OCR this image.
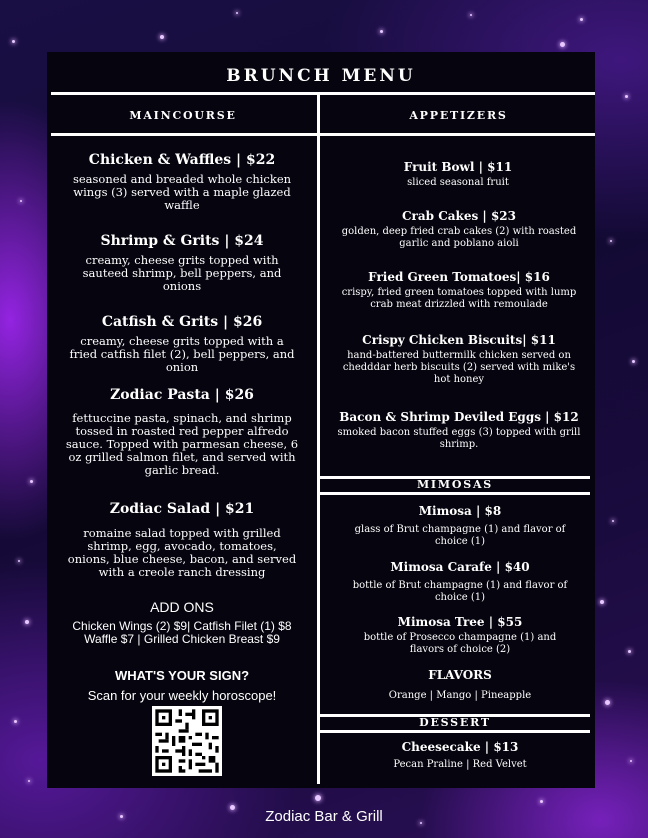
BRUNCH MENU
MAINCOURSE	APPETIZERS
Chicken & Waffles | $22
seasoned and breaded whole chicken wings (3) served with a maple glazed waffle
Shrimp & Grits | $24
creamy, cheese grits topped with sauteed shrimp, bell peppers, and onions
Catfish & Grits | $26
creamy, cheese grits topped with a fried catfish filet (2), bell peppers, and onion
Zodiac Pasta | $26
fettuccine pasta, spinach, and shrimp tossed in roasted red pepper alfredo sauce. Topped with parmesan cheese, 6 oz grilled salmon filet, and served with garlic bread.
Zodiac Salad | $21
romaine salad topped with grilled shrimp, egg, avocado, tomatoes, onions, blue cheese, bacon, and served with a creole ranch dressing
ADD ONS
Chicken Wings (2) $9| Catfish Filet (1) $8 Waffle $7 | Grilled Chicken Breast $9
WHAT'S YOUR SIGN?
Scan for your weekly horoscope!
Fruit Bowl | $11
sliced seasonal fruit
Crab Cakes | $23
golden, deep fried crab cakes (2) with roasted garlic and poblano aioli
Fried Green Tomatoes| $16
crispy, fried green tomatoes topped with lump crab meat drizzled with remoulade
Crispy Chicken Biscuits| $11
hand-battered buttermilk chicken served on chedddar herb biscuits (2) served with mike's hot honey
Bacon & Shrimp Deviled Eggs | $12
smoked bacon stuffed eggs (3) topped with grill shrimp.
MIMOSAS
Mimosa | $8
glass of Brut champagne (1) and flavor of choice (1)
Mimosa Carafe | $40
bottle of Brut champagne (1) and flavor of choice (1)
Mimosa Tree | $55
bottle of Prosecco champagne (1) and flavors of choice (2)
FLAVORS
Orange | Mango | Pineapple
DESSERT
Cheesecake | $13
Pecan Praline | Red Velvet
Zodiac Bar & Grill
